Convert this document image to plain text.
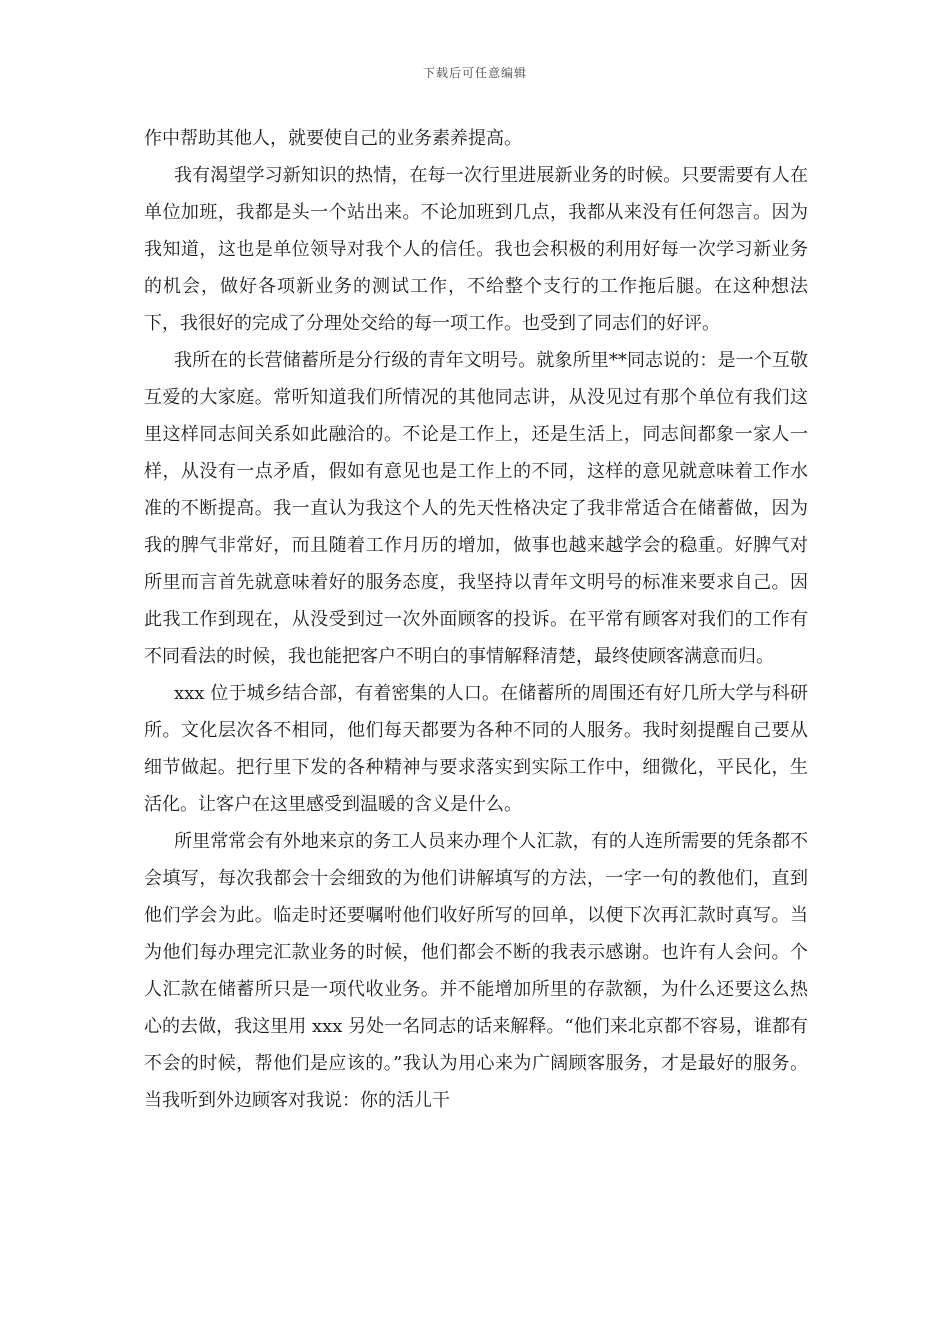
下载后可任意编辑

作中帮助其他人，就要使自己的业务素养提高。

我有渴望学习新知识的热情，在每一次行里进展新业务的时候。只要需要有人在单位加班，我都是头一个站出来。不论加班到几点，我都从来没有任何怨言。因为我知道，这也是单位领导对我个人的信任。我也会积极的利用好每一次学习新业务的机会，做好各项新业务的测试工作，不给整个支行的工作拖后腿。在这种想法下，我很好的完成了分理处交给的每一项工作。也受到了同志们的好评。

我所在的长营储蓄所是分行级的青年文明号。就象所里**同志说的：是一个互敬互爱的大家庭。常听知道我们所情况的其他同志讲，从没见过有那个单位有我们这里这样同志间关系如此融洽的。不论是工作上，还是生活上，同志间都象一家人一样，从没有一点矛盾，假如有意见也是工作上的不同，这样的意见就意味着工作水准的不断提高。我一直认为我这个人的先天性格决定了我非常适合在储蓄做，因为我的脾气非常好，而且随着工作月历的增加，做事也越来越学会的稳重。好脾气对所里而言首先就意味着好的服务态度，我坚持以青年文明号的标准来要求自己。因此我工作到现在，从没受到过一次外面顾客的投诉。在平常有顾客对我们的工作有不同看法的时候，我也能把客户不明白的事情解释清楚，最终使顾客满意而归。

xxx 位于城乡结合部，有着密集的人口。在储蓄所的周围还有好几所大学与科研所。文化层次各不相同，他们每天都要为各种不同的人服务。我时刻提醒自己要从细节做起。把行里下发的各种精神与要求落实到实际工作中，细微化，平民化，生活化。让客户在这里感受到温暖的含义是什么。

所里常常会有外地来京的务工人员来办理个人汇款，有的人连所需要的凭条都不会填写，每次我都会十会细致的为他们讲解填写的方法，一字一句的教他们，直到他们学会为此。临走时还要嘱咐他们收好所写的回单，以便下次再汇款时真写。当为他们每办理完汇款业务的时候，他们都会不断的我表示感谢。也许有人会问。个人汇款在储蓄所只是一项代收业务。并不能增加所里的存款额，为什么还要这么热心的去做，我这里用 xxx 另处一名同志的话来解释。“他们来北京都不容易，谁都有不会的时候，帮他们是应该的。”我认为用心来为广阔顾客服务，才是最好的服务。当我听到外边顾客对我说：你的活儿干
